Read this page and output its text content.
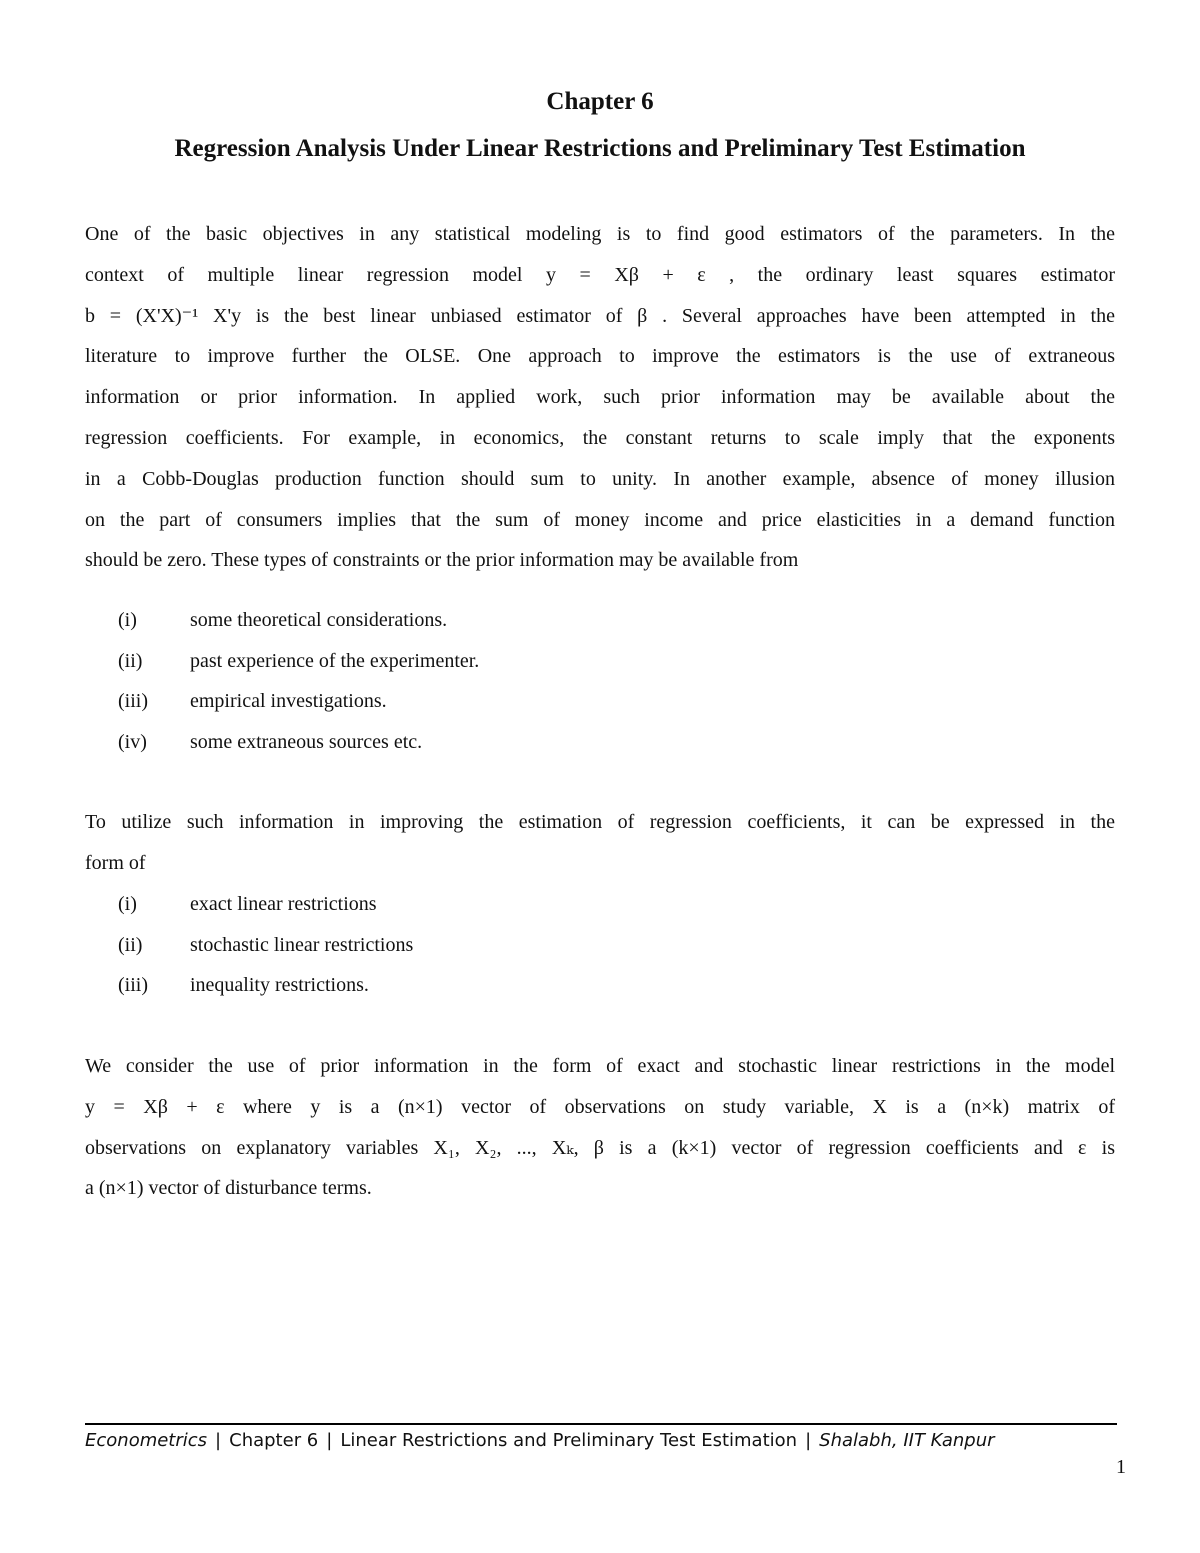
Chapter 6
Regression Analysis Under Linear Restrictions and Preliminary Test Estimation

One of the basic objectives in any statistical modeling is to find good estimators of the parameters. In the
context of multiple linear regression model y = Xβ + ε , the ordinary least squares estimator
b = (X'X)⁻¹ X'y is the best linear unbiased estimator of β . Several approaches have been attempted in the
literature to improve further the OLSE. One approach to improve the estimators is the use of extraneous
information or prior information. In applied work, such prior information may be available about the
regression coefficients. For example, in economics, the constant returns to scale imply that the exponents
in a Cobb-Douglas production function should sum to unity. In another example, absence of money illusion
on the part of consumers implies that the sum of money income and price elasticities in a demand function
should be zero. These types of constraints or the prior information may be available from

(i)	some theoretical considerations.
(ii) past experience of the experimenter.
(iii) empirical investigations.
(iv) some extraneous sources etc.

To utilize such information in improving the estimation of regression coefficients, it can be expressed in the
form of

(i)	exact linear restrictions
(ii) stochastic linear restrictions
(iii) inequality restrictions.

We consider the use of prior information in the form of exact and stochastic linear restrictions in the model
y = Xβ + ε where y is a (n×1) vector of observations on study variable, X is a (n×k) matrix of
observations on explanatory variables X₁, X₂, ..., Xₖ, β is a (k×1) vector of regression coefficients and ε is
a (n×1) vector of disturbance terms.

Econometrics | Chapter 6 | Linear Restrictions and Preliminary Test Estimation | Shalabh, IIT Kanpur
1
